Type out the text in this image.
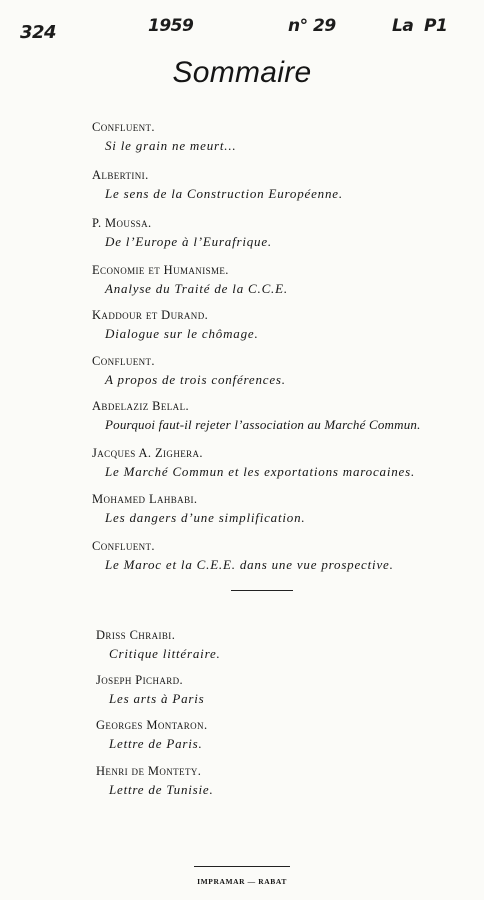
324	1959	n° 29	La P1
Sommaire
Confluent.
Si le grain ne meurt...
Albertini.
Le sens de la Construction Européenne.
P. Moussa.
De l’Europe à l’Eurafrique.
Economie et Humanisme.
Analyse du Traité de la C.C.E.
Kaddour et Durand.
Dialogue sur le chômage.
Confluent.
A propos de trois conférences.
Abdelaziz Belal.
Pourquoi faut-il rejeter l’association au Marché Commun.
Jacques A. Zighera.
Le Marché Commun et les exportations marocaines.
Mohamed Lahbabi.
Les dangers d’une simplification.
Confluent.
Le Maroc et la C.E.E. dans une vue prospective.
Driss Chraibi.
Critique littéraire.
Joseph Pichard.
Les arts à Paris
Georges Montaron.
Lettre de Paris.
Henri de Montety.
Lettre de Tunisie.
IMPRAMAR — RABAT
